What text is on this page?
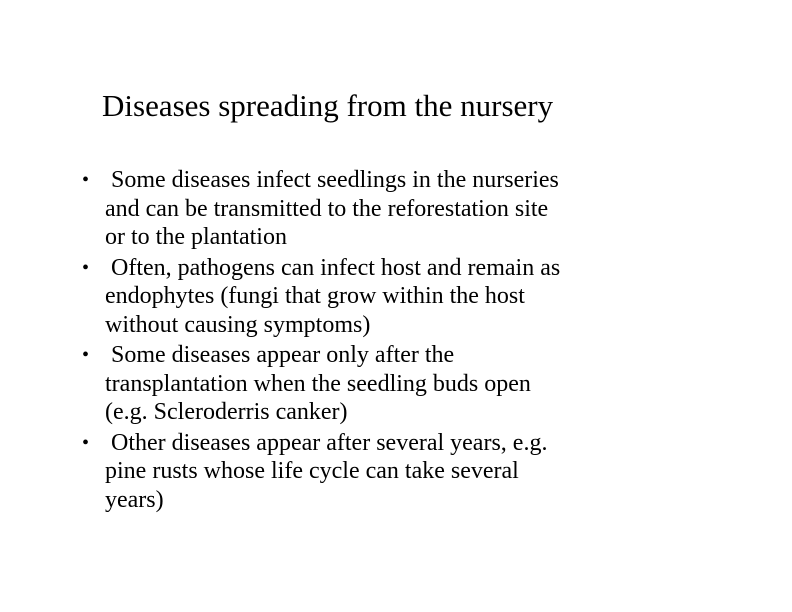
Diseases spreading from the nursery
• Some diseases infect seedlings in the nurseries
and can be transmitted to the reforestation site
or to the plantation
• Often, pathogens can infect host and remain as
endophytes (fungi that grow within the host
without causing symptoms)
• Some diseases appear only after the
transplantation when the seedling buds open
(e.g. Scleroderris canker)
• Other diseases appear after several years, e.g.
pine rusts whose life cycle can take several
years)
